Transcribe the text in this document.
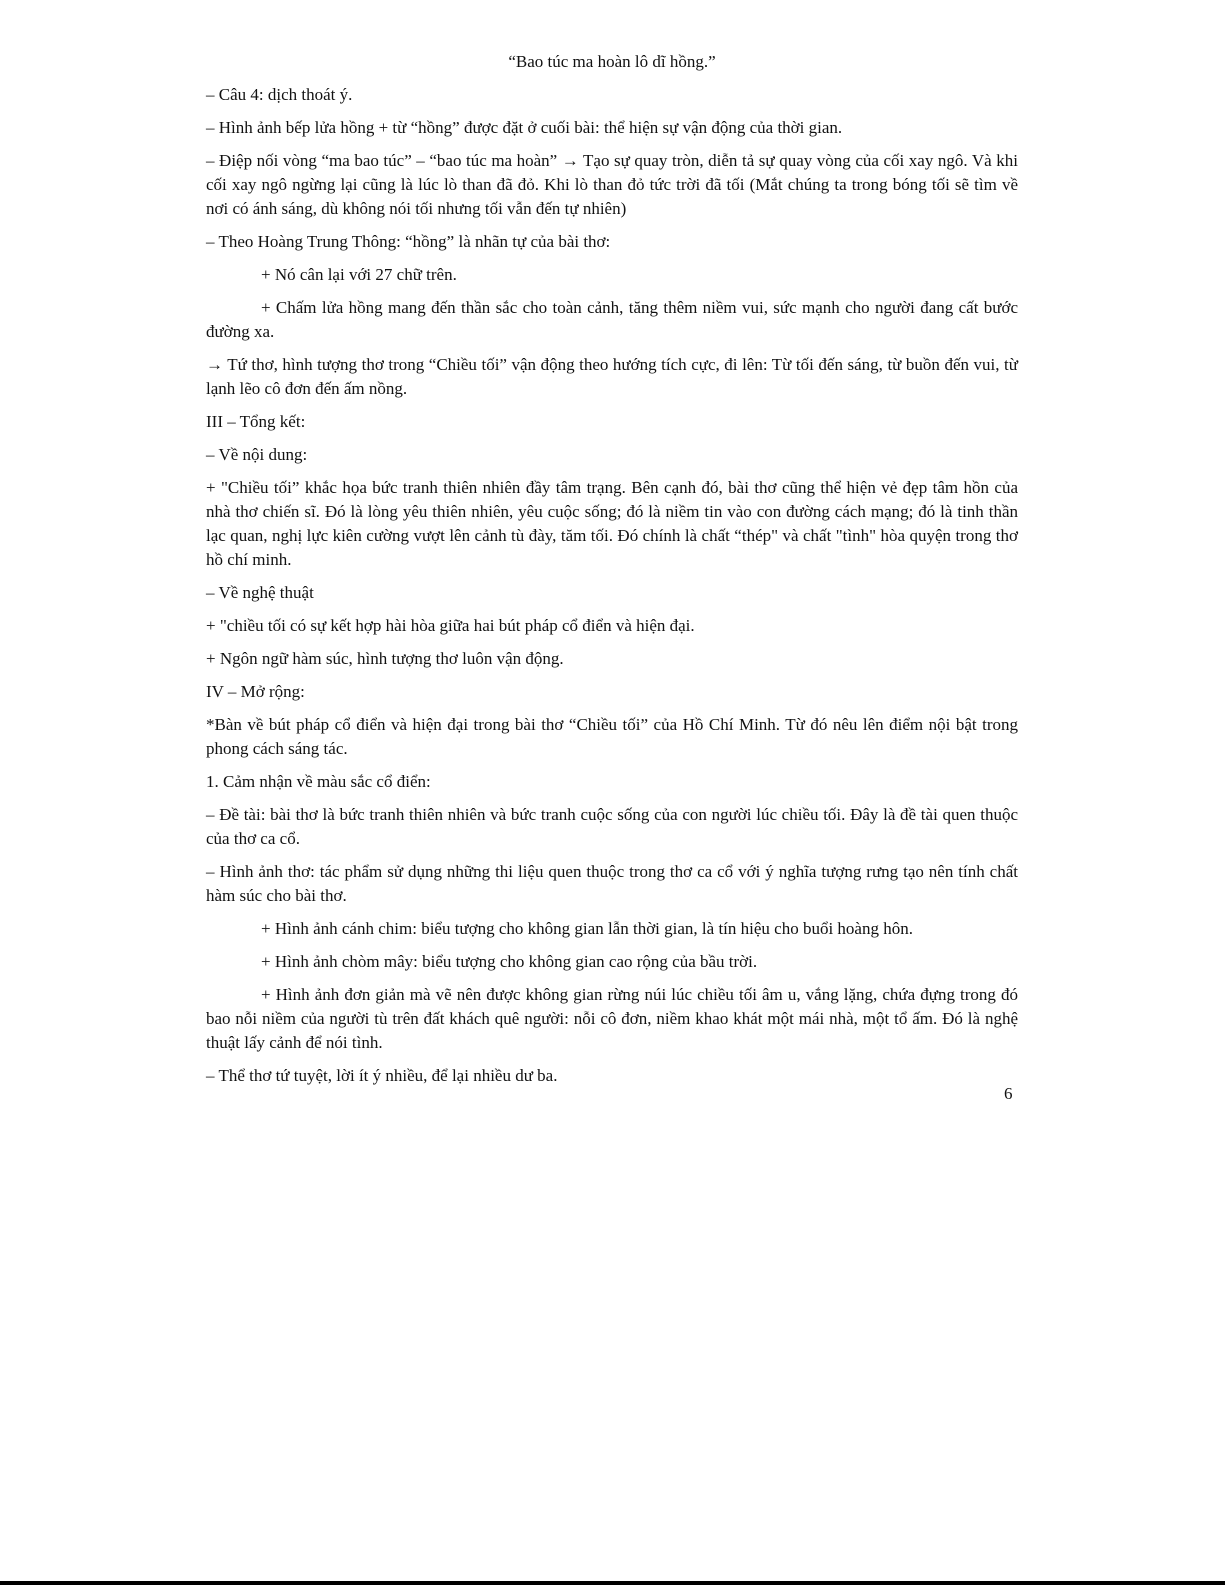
“Bao túc ma hoàn lô dĩ hồng.”
– Câu 4: dịch thoát ý.
– Hình ảnh bếp lửa hồng + từ “hồng” được đặt ở cuối bài: thể hiện sự vận động của thời gian.
– Điệp nối vòng “ma bao túc” – “bao túc ma hoàn” → Tạo sự quay tròn, diễn tả sự quay vòng của cối xay ngô. Và khi cối xay ngô ngừng lại cũng là lúc lò than đã đỏ. Khi lò than đỏ tức trời đã tối (Mắt chúng ta trong bóng tối sẽ tìm về nơi có ánh sáng, dù không nói tối nhưng tối vẫn đến tự nhiên)
– Theo Hoàng Trung Thông: “hồng” là nhãn tự của bài thơ:
+ Nó cân lại với 27 chữ trên.
+ Chấm lửa hồng mang đến thần sắc cho toàn cảnh, tăng thêm niềm vui, sức mạnh cho người đang cất bước đường xa.
→ Tứ thơ, hình tượng thơ trong “Chiều tối” vận động theo hướng tích cực, đi lên: Từ tối đến sáng, từ buồn đến vui, từ lạnh lẽo cô đơn đến ấm nồng.
III – Tổng kết:
– Về nội dung:
+ "Chiều tối” khắc họa bức tranh thiên nhiên đầy tâm trạng. Bên cạnh đó, bài thơ cũng thể hiện vẻ đẹp tâm hồn của nhà thơ chiến sĩ. Đó là lòng yêu thiên nhiên, yêu cuộc sống; đó là niềm tin vào con đường cách mạng; đó là tinh thần lạc quan, nghị lực kiên cường vượt lên cảnh tù đày, tăm tối. Đó chính là chất “thép" và chất "tình" hòa quyện trong thơ hồ chí minh.
– Về nghệ thuật
+ "chiều tối có sự kết hợp hài hòa giữa hai bút pháp cổ điển và hiện đại.
+ Ngôn ngữ hàm súc, hình tượng thơ luôn vận động.
IV – Mở rộng:
*Bàn về bút pháp cổ điển và hiện đại trong bài thơ “Chiều tối” của Hồ Chí Minh. Từ đó nêu lên điểm nội bật trong phong cách sáng tác.
1. Cảm nhận về màu sắc cổ điển:
– Đề tài: bài thơ là bức tranh thiên nhiên và bức tranh cuộc sống của con người lúc chiều tối. Đây là đề tài quen thuộc của thơ ca cổ.
– Hình ảnh thơ: tác phẩm sử dụng những thi liệu quen thuộc trong thơ ca cổ với ý nghĩa tượng rưng tạo nên tính chất hàm súc cho bài thơ.
+ Hình ảnh cánh chim: biểu tượng cho không gian lẫn thời gian, là tín hiệu cho buổi hoàng hôn.
+ Hình ảnh chòm mây: biểu tượng cho không gian cao rộng của bầu trời.
+ Hình ảnh đơn giản mà vẽ nên được không gian rừng núi lúc chiều tối âm u, vắng lặng, chứa đựng trong đó bao nỗi niềm của người tù trên đất khách quê người: nỗi cô đơn, niềm khao khát một mái nhà, một tổ ấm. Đó là nghệ thuật lấy cảnh để nói tình.
– Thể thơ tứ tuyệt, lời ít ý nhiều, để lại nhiều dư ba.
6
